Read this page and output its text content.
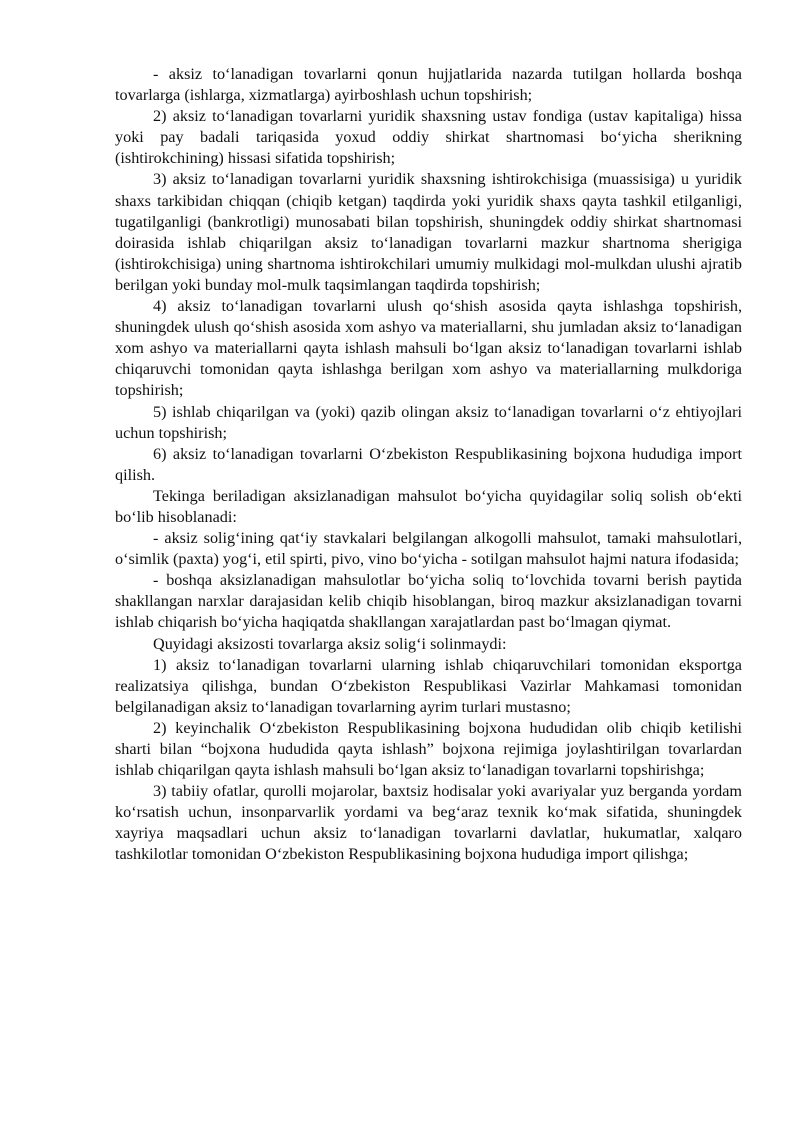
- aksiz to‘lanadigan tovarlarni qonun hujjatlarida nazarda tutilgan hollarda boshqa tovarlarga (ishlarga, xizmatlarga) ayirboshlash uchun topshirish;

2) aksiz to‘lanadigan tovarlarni yuridik shaxsning ustav fondiga (ustav kapitaliga) hissa yoki pay badali tariqasida yoxud oddiy shirkat shartnomasi bo‘yicha sherikning (ishtirokchining) hissasi sifatida topshirish;

3) aksiz to‘lanadigan tovarlarni yuridik shaxsning ishtirokchisiga (muassisiga) u yuridik shaxs tarkibidan chiqqan (chiqib ketgan) taqdirda yoki yuridik shaxs qayta tashkil etilganligi, tugatilganligi (bankrotligi) munosabati bilan topshirish, shuningdek oddiy shirkat shartnomasi doirasida ishlab chiqarilgan aksiz to‘lanadigan tovarlarni mazkur shartnoma sherigiga (ishtirokchisiga) uning shartnoma ishtirokchilari umumiy mulkidagi mol-mulkdan ulushi ajratib berilgan yoki bunday mol-mulk taqsimlangan taqdirda topshirish;

4) aksiz to‘lanadigan tovarlarni ulush qo‘shish asosida qayta ishlashga topshirish, shuningdek ulush qo‘shish asosida xom ashyo va materiallarni, shu jumladan aksiz to‘lanadigan xom ashyo va materiallarni qayta ishlash mahsuli bo‘lgan aksiz to‘lanadigan tovarlarni ishlab chiqaruvchi tomonidan qayta ishlashga berilgan xom ashyo va materiallarning mulkdoriga topshirish;

5) ishlab chiqarilgan va (yoki) qazib olingan aksiz to‘lanadigan tovarlarni o‘z ehtiyojlari uchun topshirish;

6) aksiz to‘lanadigan tovarlarni O‘zbekiston Respublikasining bojxona hududiga import qilish.

Tekinga beriladigan aksizlanadigan mahsulot bo‘yicha quyidagilar soliq solish ob‘ekti bo‘lib hisoblanadi:

- aksiz solig‘ining qat‘iy stavkalari belgilangan alkogolli mahsulot, tamaki mahsulotlari, o‘simlik (paxta) yog‘i, etil spirti, pivo, vino bo‘yicha - sotilgan mahsulot hajmi natura ifodasida;

- boshqa aksizlanadigan mahsulotlar bo‘yicha soliq to‘lovchida tovarni berish paytida shakllangan narxlar darajasidan kelib chiqib hisoblangan, biroq mazkur aksizlanadigan tovarni ishlab chiqarish bo‘yicha haqiqatda shakllangan xarajatlardan past bo‘lmagan qiymat.

Quyidagi aksizosti tovarlarga aksiz solig‘i solinmaydi:

1) aksiz to‘lanadigan tovarlarni ularning ishlab chiqaruvchilari tomonidan eksportga realizatsiya qilishga, bundan O‘zbekiston Respublikasi Vazirlar Mahkamasi tomonidan belgilanadigan aksiz to‘lanadigan tovarlarning ayrim turlari mustasno;

2) keyinchalik O‘zbekiston Respublikasining bojxona hududidan olib chiqib ketilishi sharti bilan “bojxona hududida qayta ishlash” bojxona rejimiga joylashtirilgan tovarlardan ishlab chiqarilgan qayta ishlash mahsuli bo‘lgan aksiz to‘lanadigan tovarlarni topshirishga;

3) tabiiy ofatlar, qurolli mojarolar, baxtsiz hodisalar yoki avariyalar yuz berganda yordam ko‘rsatish uchun, insonparvarlik yordami va beg‘araz texnik ko‘mak sifatida, shuningdek xayriya maqsadlari uchun aksiz to‘lanadigan tovarlarni davlatlar, hukumatlar, xalqaro tashkilotlar tomonidan O‘zbekiston Respublikasining bojxona hududiga import qilishga;
